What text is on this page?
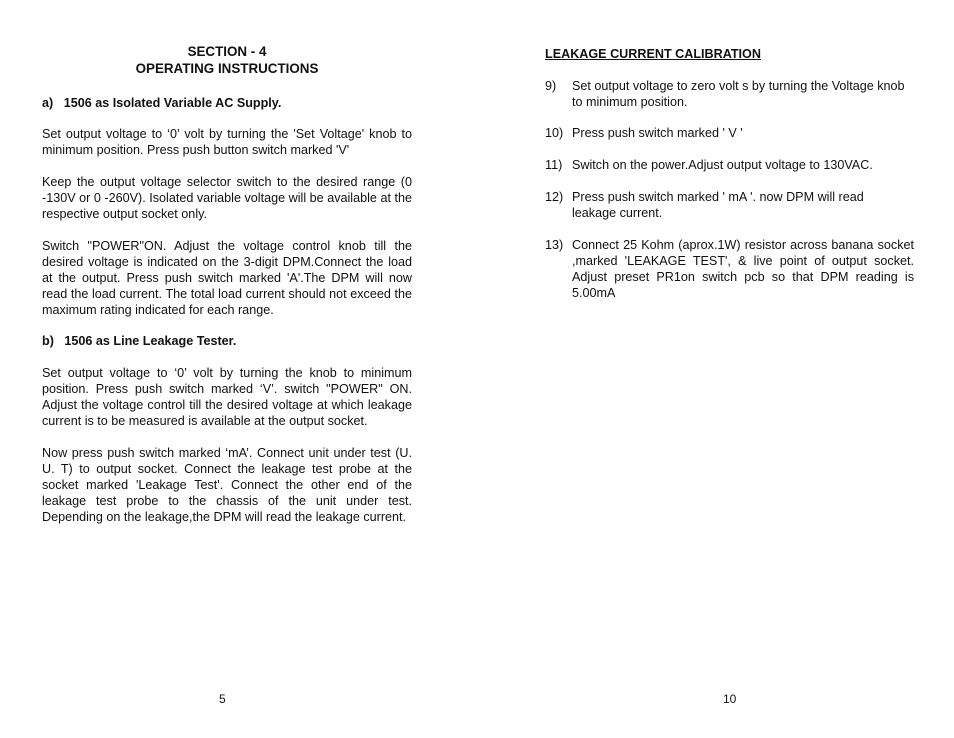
SECTION - 4
OPERATING INSTRUCTIONS
a)   1506 as Isolated Variable AC Supply.
Set output voltage to ‘0’ volt by turning the 'Set Voltage' knob to minimum position. Press push button switch marked 'V'
Keep the output voltage selector switch to the desired range (0 -130V or 0 -260V). Isolated variable voltage will be available at the respective output socket only.
Switch "POWER"ON. Adjust the voltage control knob till the desired voltage is indicated on the 3-digit DPM.Connect the load at the output. Press push switch marked 'A'.The DPM will now read the load current. The total load current should not exceed the maximum rating indicated for each range.
b)   1506 as Line Leakage Tester.
Set output voltage to ‘0’ volt by turning the knob to minimum position. Press push switch marked ‘V’. switch "POWER" ON. Adjust the voltage control till the desired voltage at which leakage current is to be measured is available at the output socket.
Now press push switch marked ‘mA’. Connect unit under test (U. U. T) to output socket. Connect the leakage test probe at the socket marked 'Leakage Test'. Connect the other end of the leakage test probe to the chassis of the unit under test. Depending on the leakage,the DPM will read the leakage current.
5
LEAKAGE CURRENT CALIBRATION
9) Set output voltage to zero volt s by turning the Voltage knob to minimum position.
10) Press push switch marked ' V '
11) Switch on the power.Adjust output voltage to 130VAC.
12) Press push switch marked ' mA '. now DPM will read leakage current.
13) Connect 25 Kohm (aprox.1W) resistor across banana socket ,marked 'LEAKAGE TEST', & live point of output socket. Adjust preset PR1on switch pcb so that DPM reading is 5.00mA
10
